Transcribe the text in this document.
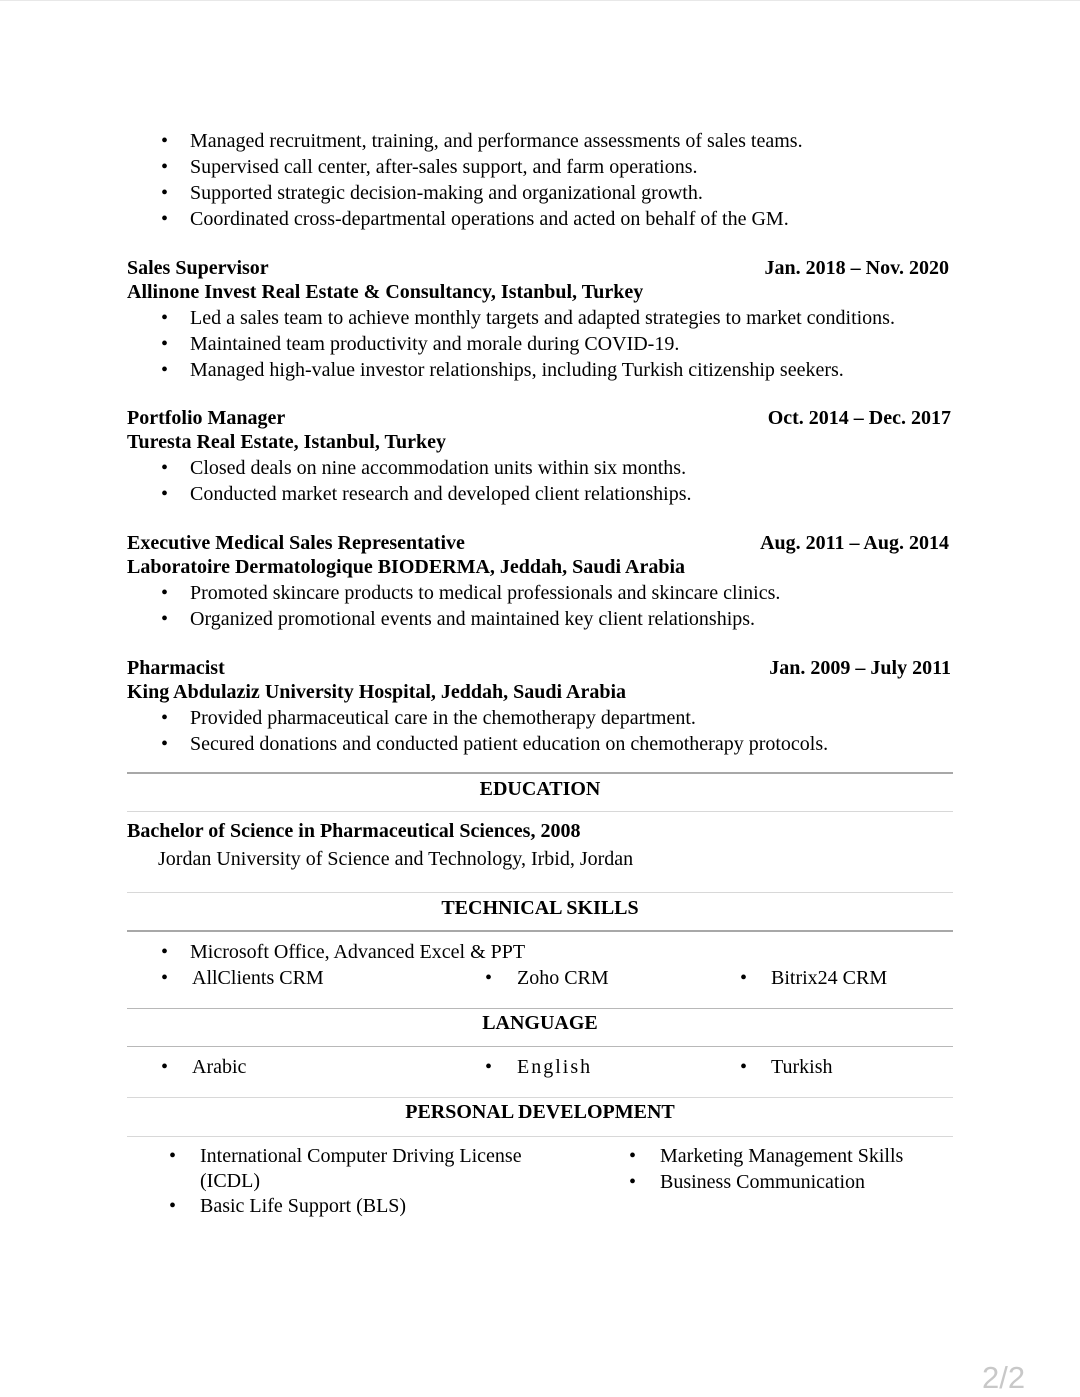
• Managed recruitment, training, and performance assessments of sales teams.
• Supervised call center, after-sales support, and farm operations.
• Supported strategic decision-making and organizational growth.
• Coordinated cross-departmental operations and acted on behalf of the GM.
Sales Supervisor	Jan. 2018 – Nov. 2020
Allinone Invest Real Estate & Consultancy, Istanbul, Turkey
• Led a sales team to achieve monthly targets and adapted strategies to market conditions.
• Maintained team productivity and morale during COVID-19.
• Managed high-value investor relationships, including Turkish citizenship seekers.
Portfolio Manager	Oct. 2014 – Dec. 2017
Turesta Real Estate, Istanbul, Turkey
• Closed deals on nine accommodation units within six months.
• Conducted market research and developed client relationships.
Executive Medical Sales Representative	Aug. 2011 – Aug. 2014
Laboratoire Dermatologique BIODERMA, Jeddah, Saudi Arabia
• Promoted skincare products to medical professionals and skincare clinics.
• Organized promotional events and maintained key client relationships.
Pharmacist	Jan. 2009 – July 2011
King Abdulaziz University Hospital, Jeddah, Saudi Arabia
• Provided pharmaceutical care in the chemotherapy department.
• Secured donations and conducted patient education on chemotherapy protocols.
EDUCATION
Bachelor of Science in Pharmaceutical Sciences, 2008
Jordan University of Science and Technology, Irbid, Jordan
TECHNICAL SKILLS
• Microsoft Office, Advanced Excel & PPT
• AllClients CRM	• Zoho CRM	• Bitrix24 CRM
LANGUAGE
• Arabic	• English	• Turkish
PERSONAL DEVELOPMENT
• International Computer Driving License
(ICDL)
• Basic Life Support (BLS)
• Marketing Management Skills
• Business Communication
2/2
